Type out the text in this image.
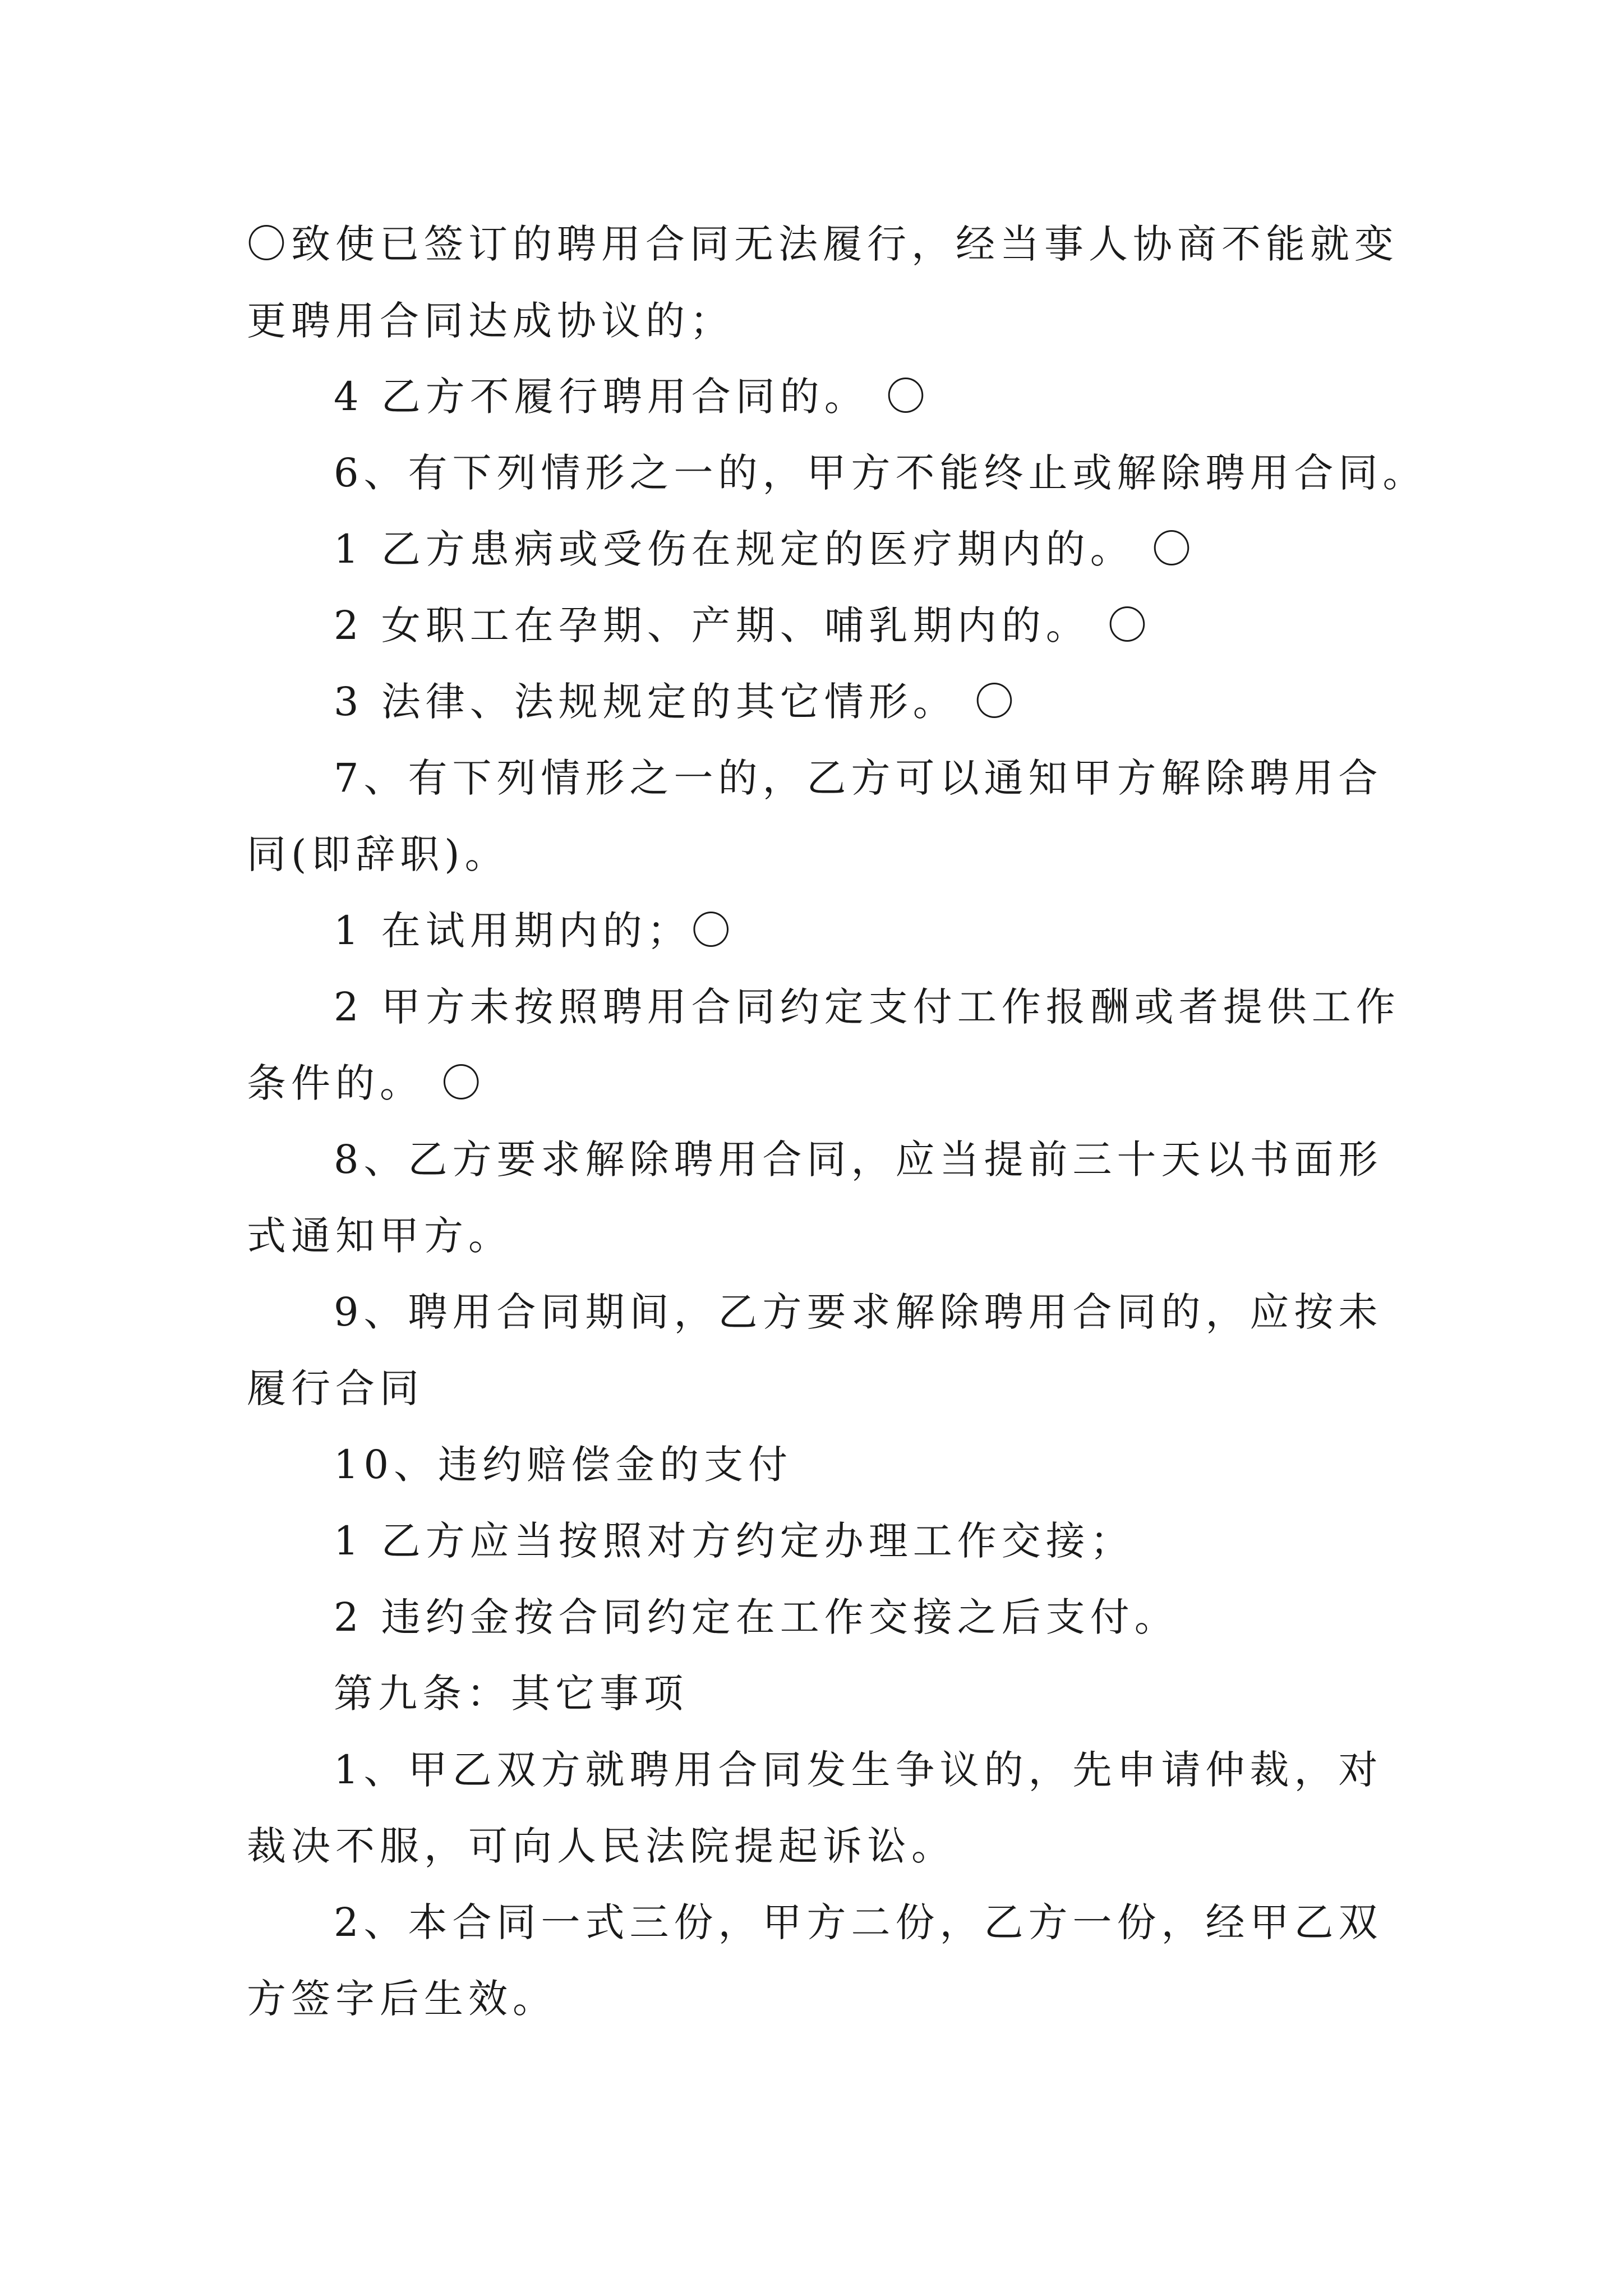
〇致使已签订的聘用合同无法履行，经当事人协商不能就变
更聘用合同达成协议的；
4 乙方不履行聘用合同的。 〇
6、有下列情形之一的，甲方不能终止或解除聘用合同。
1 乙方患病或受伤在规定的医疗期内的。 〇
2 女职工在孕期、产期、哺乳期内的。 〇
3 法律、法规规定的其它情形。 〇
7、有下列情形之一的，乙方可以通知甲方解除聘用合
同(即辞职)。
1 在试用期内的；〇
2 甲方未按照聘用合同约定支付工作报酬或者提供工作
条件的。 〇
8、乙方要求解除聘用合同，应当提前三十天以书面形
式通知甲方。
9、聘用合同期间，乙方要求解除聘用合同的，应按未
履行合同
10、违约赔偿金的支付
1 乙方应当按照对方约定办理工作交接；
2 违约金按合同约定在工作交接之后支付。
第九条：其它事项
1、甲乙双方就聘用合同发生争议的，先申请仲裁，对
裁决不服，可向人民法院提起诉讼。
2、本合同一式三份，甲方二份，乙方一份，经甲乙双
方签字后生效。
